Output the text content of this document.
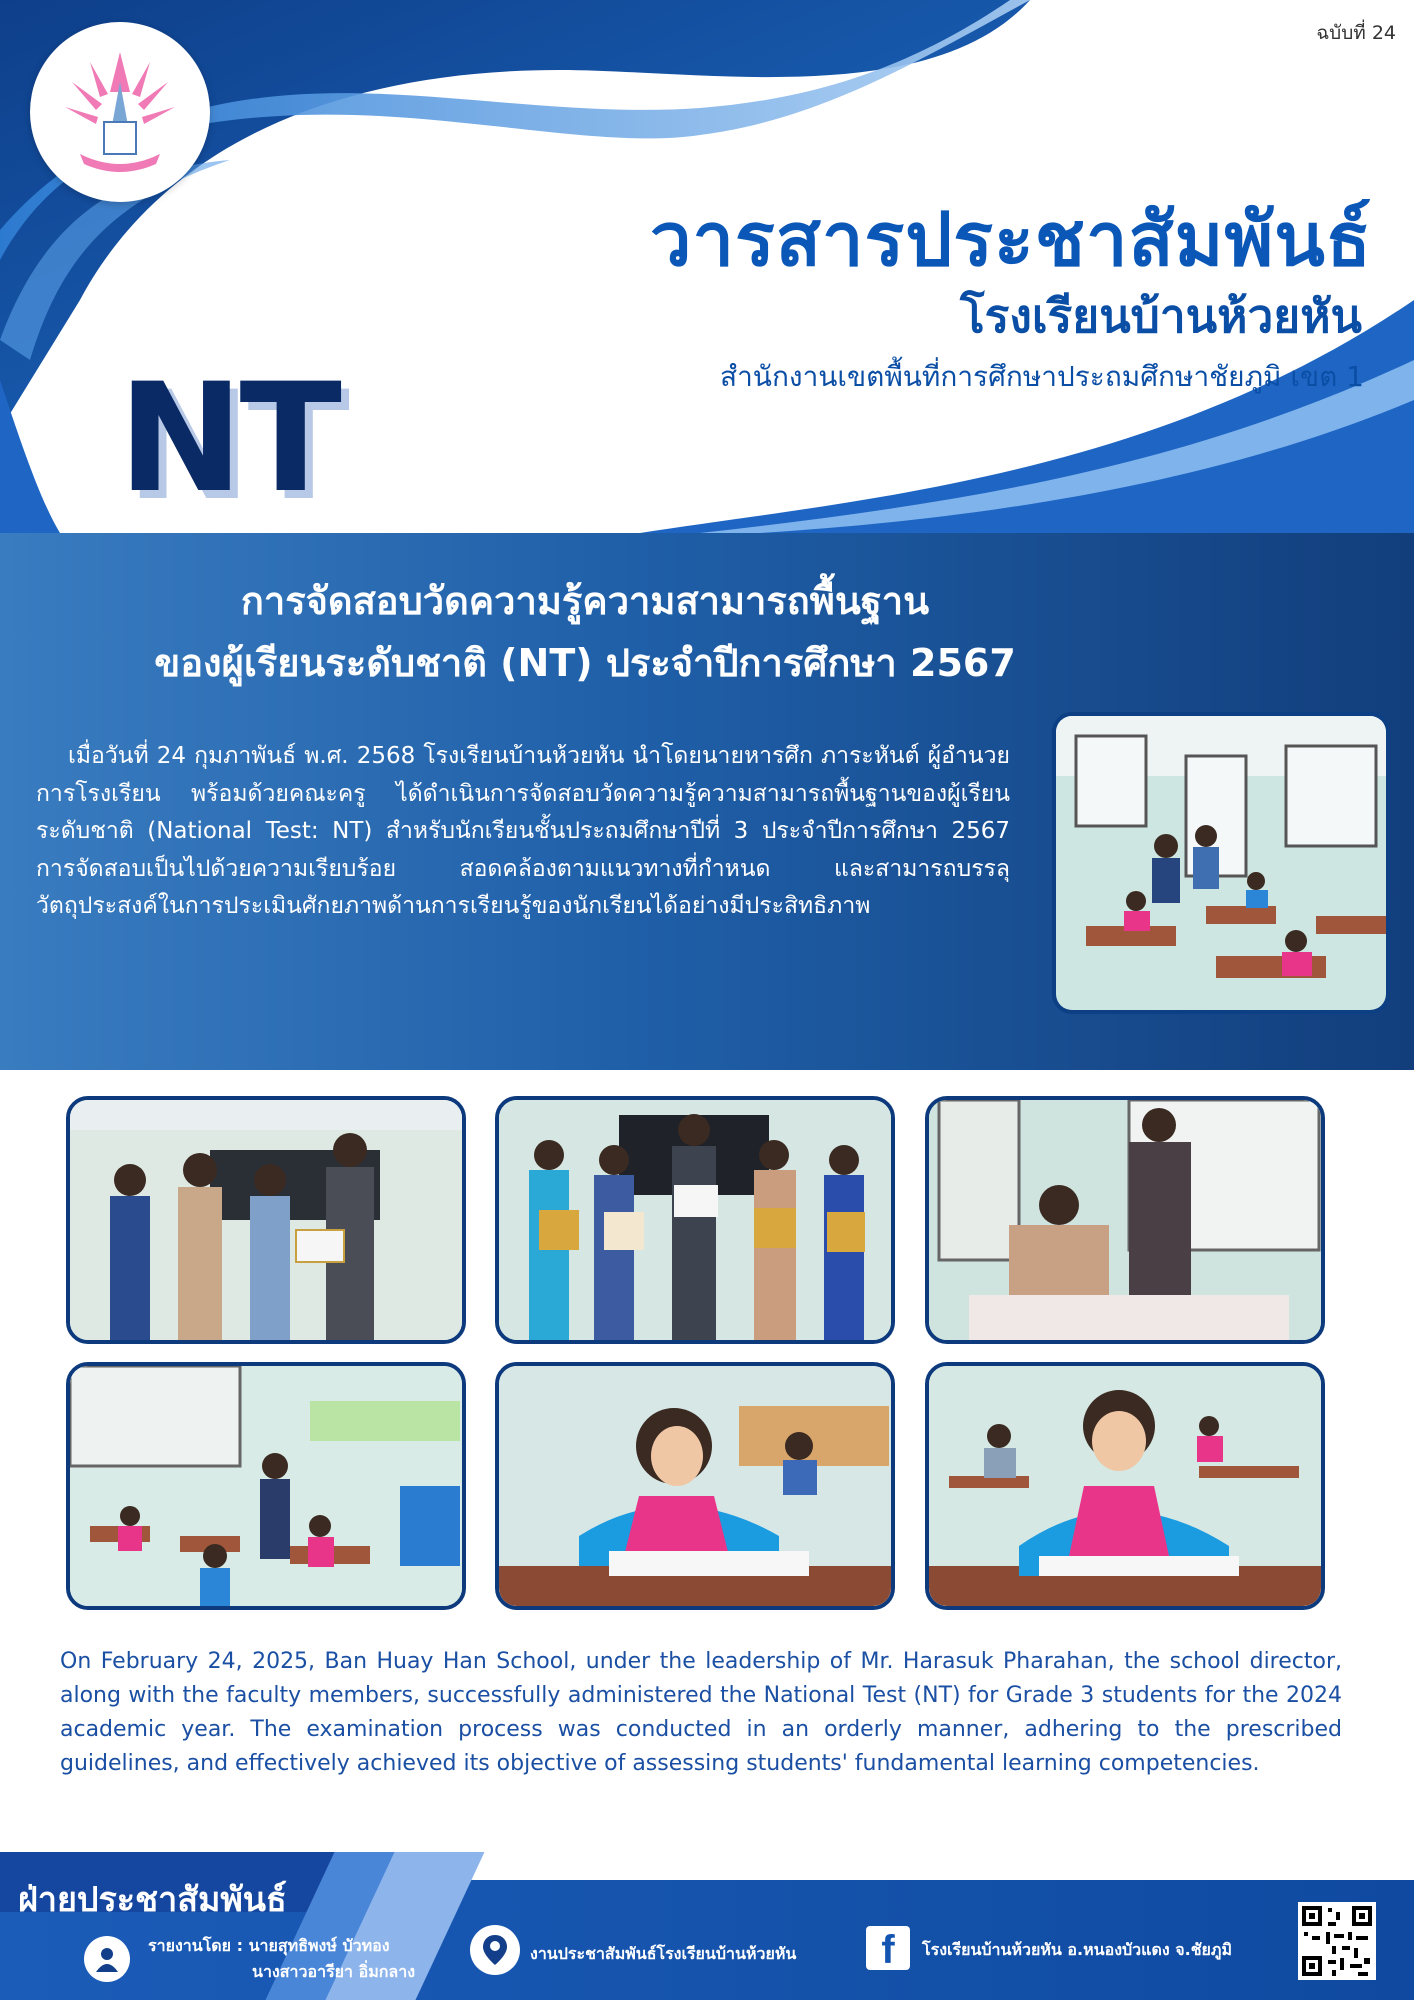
ฉบับที่ 24
วารสารประชาสัมพันธ์
โรงเรียนบ้านห้วยหัน
สำนักงานเขตพื้นที่การศึกษาประถมศึกษาชัยภูมิ เขต 1
NT
การจัดสอบวัดความรู้ความสามารถพื้นฐาน
ของผู้เรียนระดับชาติ (NT) ประจำปีการศึกษา 2567
เมื่อวันที่ 24 กุมภาพันธ์ พ.ศ. 2568 โรงเรียนบ้านห้วยหัน นำโดยนายหารศึก ภาระหันต์ ผู้อำนวยการโรงเรียน พร้อมด้วยคณะครู ได้ดำเนินการจัดสอบวัดความรู้ความสามารถพื้นฐานของผู้เรียนระดับชาติ (National Test: NT) สำหรับนักเรียนชั้นประถมศึกษาปีที่ 3 ประจำปีการศึกษา 2567 การจัดสอบเป็นไปด้วยความเรียบร้อย สอดคล้องตามแนวทางที่กำหนด และสามารถบรรลุวัตถุประสงค์ในการประเมินศักยภาพด้านการเรียนรู้ของนักเรียนได้อย่างมีประสิทธิภาพ
On February 24, 2025, Ban Huay Han School, under the leadership of Mr. Harasuk Pharahan, the school director, along with the faculty members, successfully administered the National Test (NT) for Grade 3 students for the 2024 academic year. The examination process was conducted in an orderly manner, adhering to the prescribed guidelines, and effectively achieved its objective of assessing students' fundamental learning competencies.
ฝ่ายประชาสัมพันธ์
รายงานโดย : นายสุทธิพงษ์ บัวทอง
นางสาวอารียา อิ่มกลาง
งานประชาสัมพันธ์โรงเรียนบ้านห้วยหัน f โรงเรียนบ้านห้วยหัน อ.หนองบัวแดง จ.ชัยภูมิ
